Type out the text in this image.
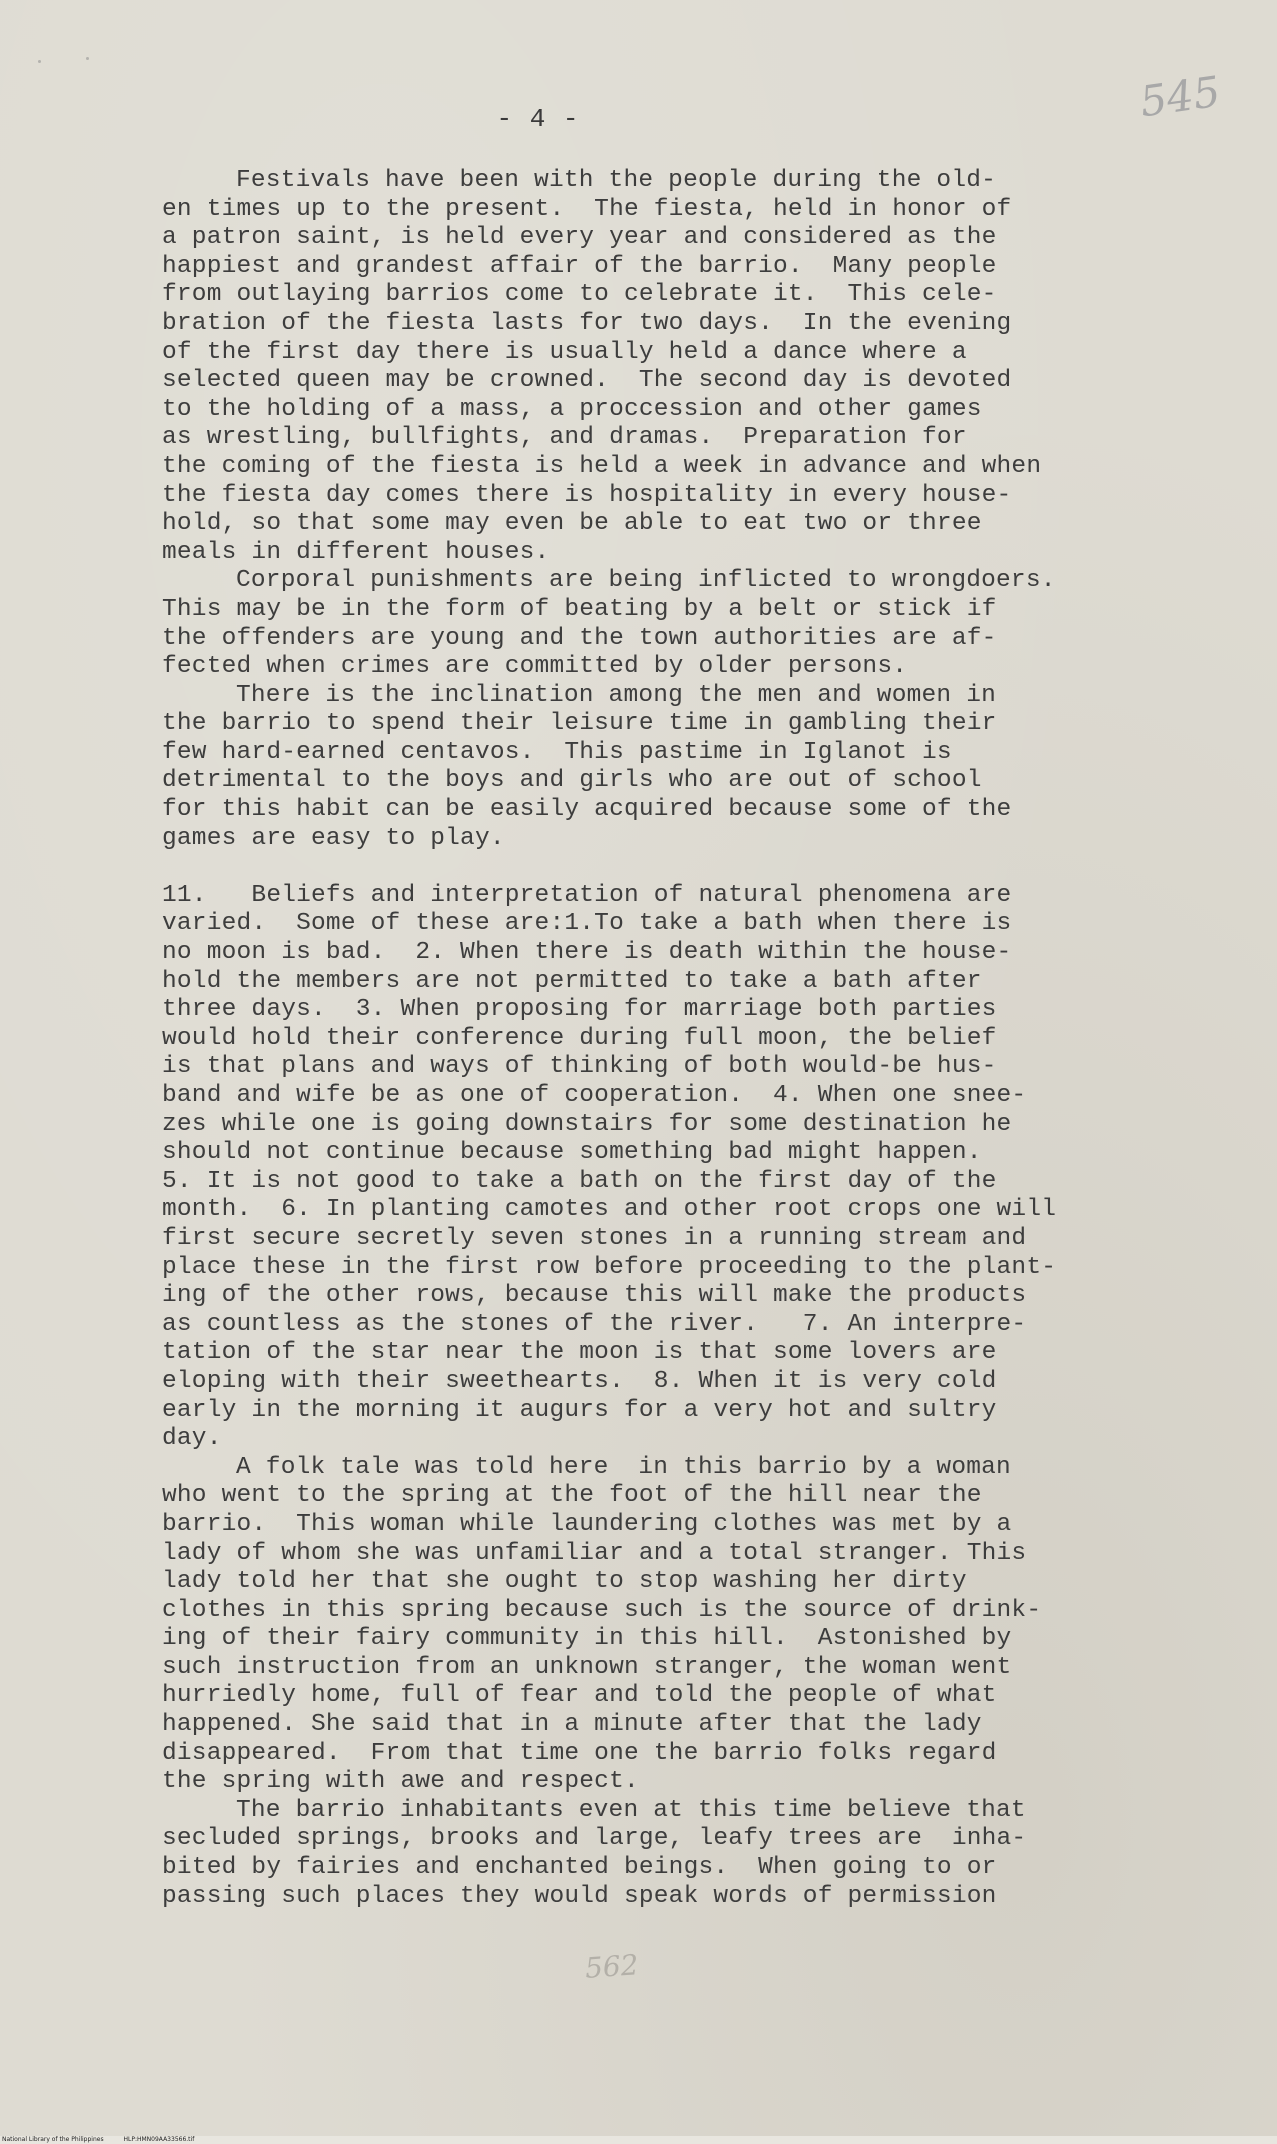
- 4 -	545
Festivals have been with the people during the old-
en times up to the present.  The fiesta, held in honor of
a patron saint, is held every year and considered as the
happiest and grandest affair of the barrio.  Many people
from outlaying barrios come to celebrate it.  This cele-
bration of the fiesta lasts for two days.  In the evening
of the first day there is usually held a dance where a
selected queen may be crowned.  The second day is devoted
to the holding of a mass, a proccession and other games
as wrestling, bullfights, and dramas.  Preparation for
the coming of the fiesta is held a week in advance and when
the fiesta day comes there is hospitality in every house-
hold, so that some may even be able to eat two or three
meals in different houses.
Corporal punishments are being inflicted to wrongdoers.
This may be in the form of beating by a belt or stick if
the offenders are young and the town authorities are af-
fected when crimes are committed by older persons.
There is the inclination among the men and women in
the barrio to spend their leisure time in gambling their
few hard-earned centavos.  This pastime in Iglanot is
detrimental to the boys and girls who are out of school
for this habit can be easily acquired because some of the
games are easy to play.
11.   Beliefs and interpretation of natural phenomena are
varied.  Some of these are:1.To take a bath when there is
no moon is bad.  2. When there is death within the house-
hold the members are not permitted to take a bath after
three days.  3. When proposing for marriage both parties
would hold their conference during full moon, the belief
is that plans and ways of thinking of both would-be hus-
band and wife be as one of cooperation.  4. When one snee-
zes while one is going downstairs for some destination he
should not continue because something bad might happen.
5. It is not good to take a bath on the first day of the
month.  6. In planting camotes and other root crops one will
first secure secretly seven stones in a running stream and
place these in the first row before proceeding to the plant-
ing of the other rows, because this will make the products
as countless as the stones of the river.   7. An interpre-
tation of the star near the moon is that some lovers are
eloping with their sweethearts.  8. When it is very cold
early in the morning it augurs for a very hot and sultry
day.
A folk tale was told here  in this barrio by a woman
who went to the spring at the foot of the hill near the
barrio.  This woman while laundering clothes was met by a
lady of whom she was unfamiliar and a total stranger. This
lady told her that she ought to stop washing her dirty
clothes in this spring because such is the source of drink-
ing of their fairy community in this hill.  Astonished by
such instruction from an unknown stranger, the woman went
hurriedly home, full of fear and told the people of what
happened. She said that in a minute after that the lady
disappeared.  From that time one the barrio folks regard
the spring with awe and respect.
The barrio inhabitants even at this time believe that
secluded springs, brooks and large, leafy trees are  inha-
bited by fairies and enchanted beings.  When going to or
passing such places they would speak words of permission
562
National Library of the Philippines	HLP:HMN09AA33566.tif
